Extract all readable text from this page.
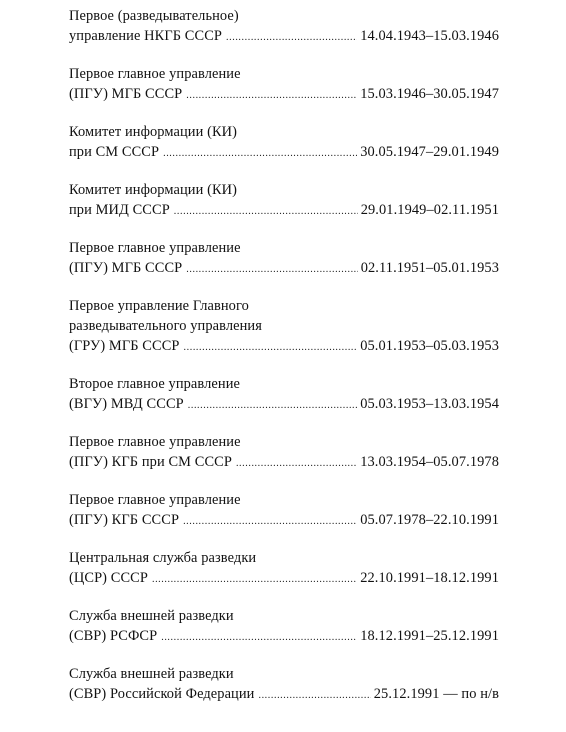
Первое (разведывательное)
управление НКГБ СССР .....	14.04.1943–15.03.1946
Первое главное управление
(ПГУ) МГБ СССР .....	15.03.1946–30.05.1947
Комитет информации (КИ)
при СМ СССР .....	30.05.1947–29.01.1949
Комитет информации (КИ)
при МИД СССР .....	29.01.1949–02.11.1951
Первое главное управление
(ПГУ) МГБ СССР .....	02.11.1951–05.01.1953
Первое управление Главного
разведывательного управления
(ГРУ) МГБ СССР .....	05.01.1953–05.03.1953
Второе главное управление
(ВГУ) МВД СССР .....	05.03.1953–13.03.1954
Первое главное управление
(ПГУ) КГБ при СМ СССР .....	13.03.1954–05.07.1978
Первое главное управление
(ПГУ) КГБ СССР .....	05.07.1978–22.10.1991
Центральная служба разведки
(ЦСР) СССР .....	22.10.1991–18.12.1991
Служба внешней разведки
(СВР) РСФСР .....	18.12.1991–25.12.1991
Служба внешней разведки
(СВР) Российской Федерации .....	25.12.1991 — по н/в
